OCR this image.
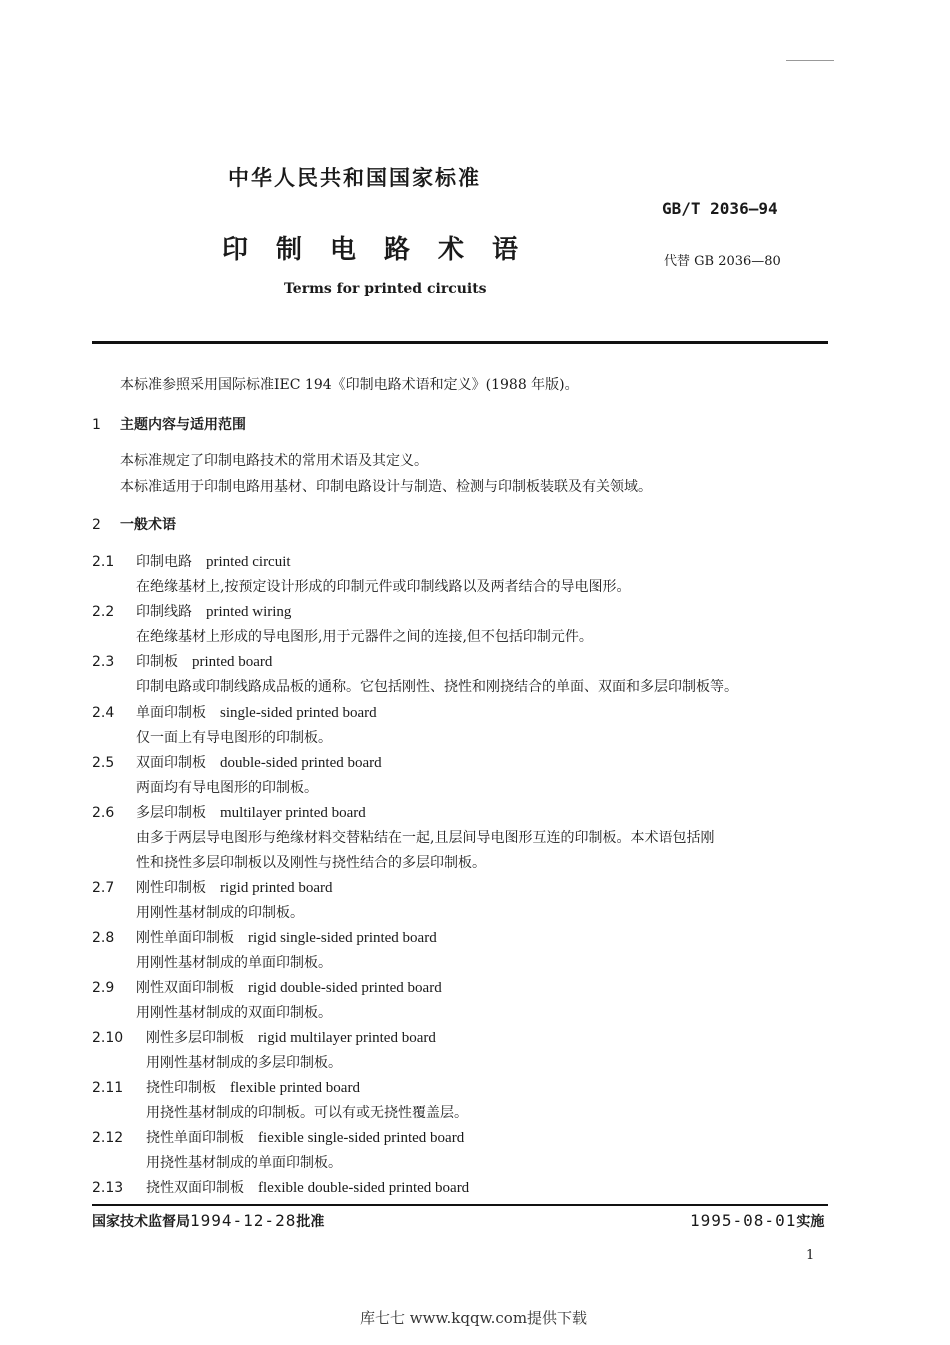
中华人民共和国国家标准
GB/T 2036—94
印制电路术语	代替 GB 2036—80
Terms for printed circuits
本标准参照采用国际标准IEC 194《印制电路术语和定义》(1988 年版)。
1 主题内容与适用范围
本标准规定了印制电路技术的常用术语及其定义。
本标准适用于印制电路用基材、印制电路设计与制造、检测与印制板装联及有关领域。
2 一般术语
2.1 印制电路 printed circuit
在绝缘基材上,按预定设计形成的印制元件或印制线路以及两者结合的导电图形。
2.2 印制线路 printed wiring
在绝缘基材上形成的导电图形,用于元器件之间的连接,但不包括印制元件。
2.3 印制板 printed board
印制电路或印制线路成品板的通称。它包括刚性、挠性和刚挠结合的单面、双面和多层印制板等。
2.4 单面印制板 single-sided printed board
仅一面上有导电图形的印制板。
2.5 双面印制板 double-sided printed board
两面均有导电图形的印制板。
2.6 多层印制板 multilayer printed board
由多于两层导电图形与绝缘材料交替粘结在一起,且层间导电图形互连的印制板。本术语包括刚
性和挠性多层印制板以及刚性与挠性结合的多层印制板。
2.7 刚性印制板 rigid printed board
用刚性基材制成的印制板。
2.8 刚性单面印制板 rigid single-sided printed board
用刚性基材制成的单面印制板。
2.9 刚性双面印制板 rigid double-sided printed board
用刚性基材制成的双面印制板。
2.10 刚性多层印制板 rigid multilayer printed board
用刚性基材制成的多层印制板。
2.11 挠性印制板 flexible printed board
用挠性基材制成的印制板。可以有或无挠性覆盖层。
2.12 挠性单面印制板 fiexible single-sided printed board
用挠性基材制成的单面印制板。
2.13 挠性双面印制板 flexible double-sided printed board
国家技术监督局1994-12-28批准	1995-08-01实施
1
库七七 www.kqqw.com提供下载
